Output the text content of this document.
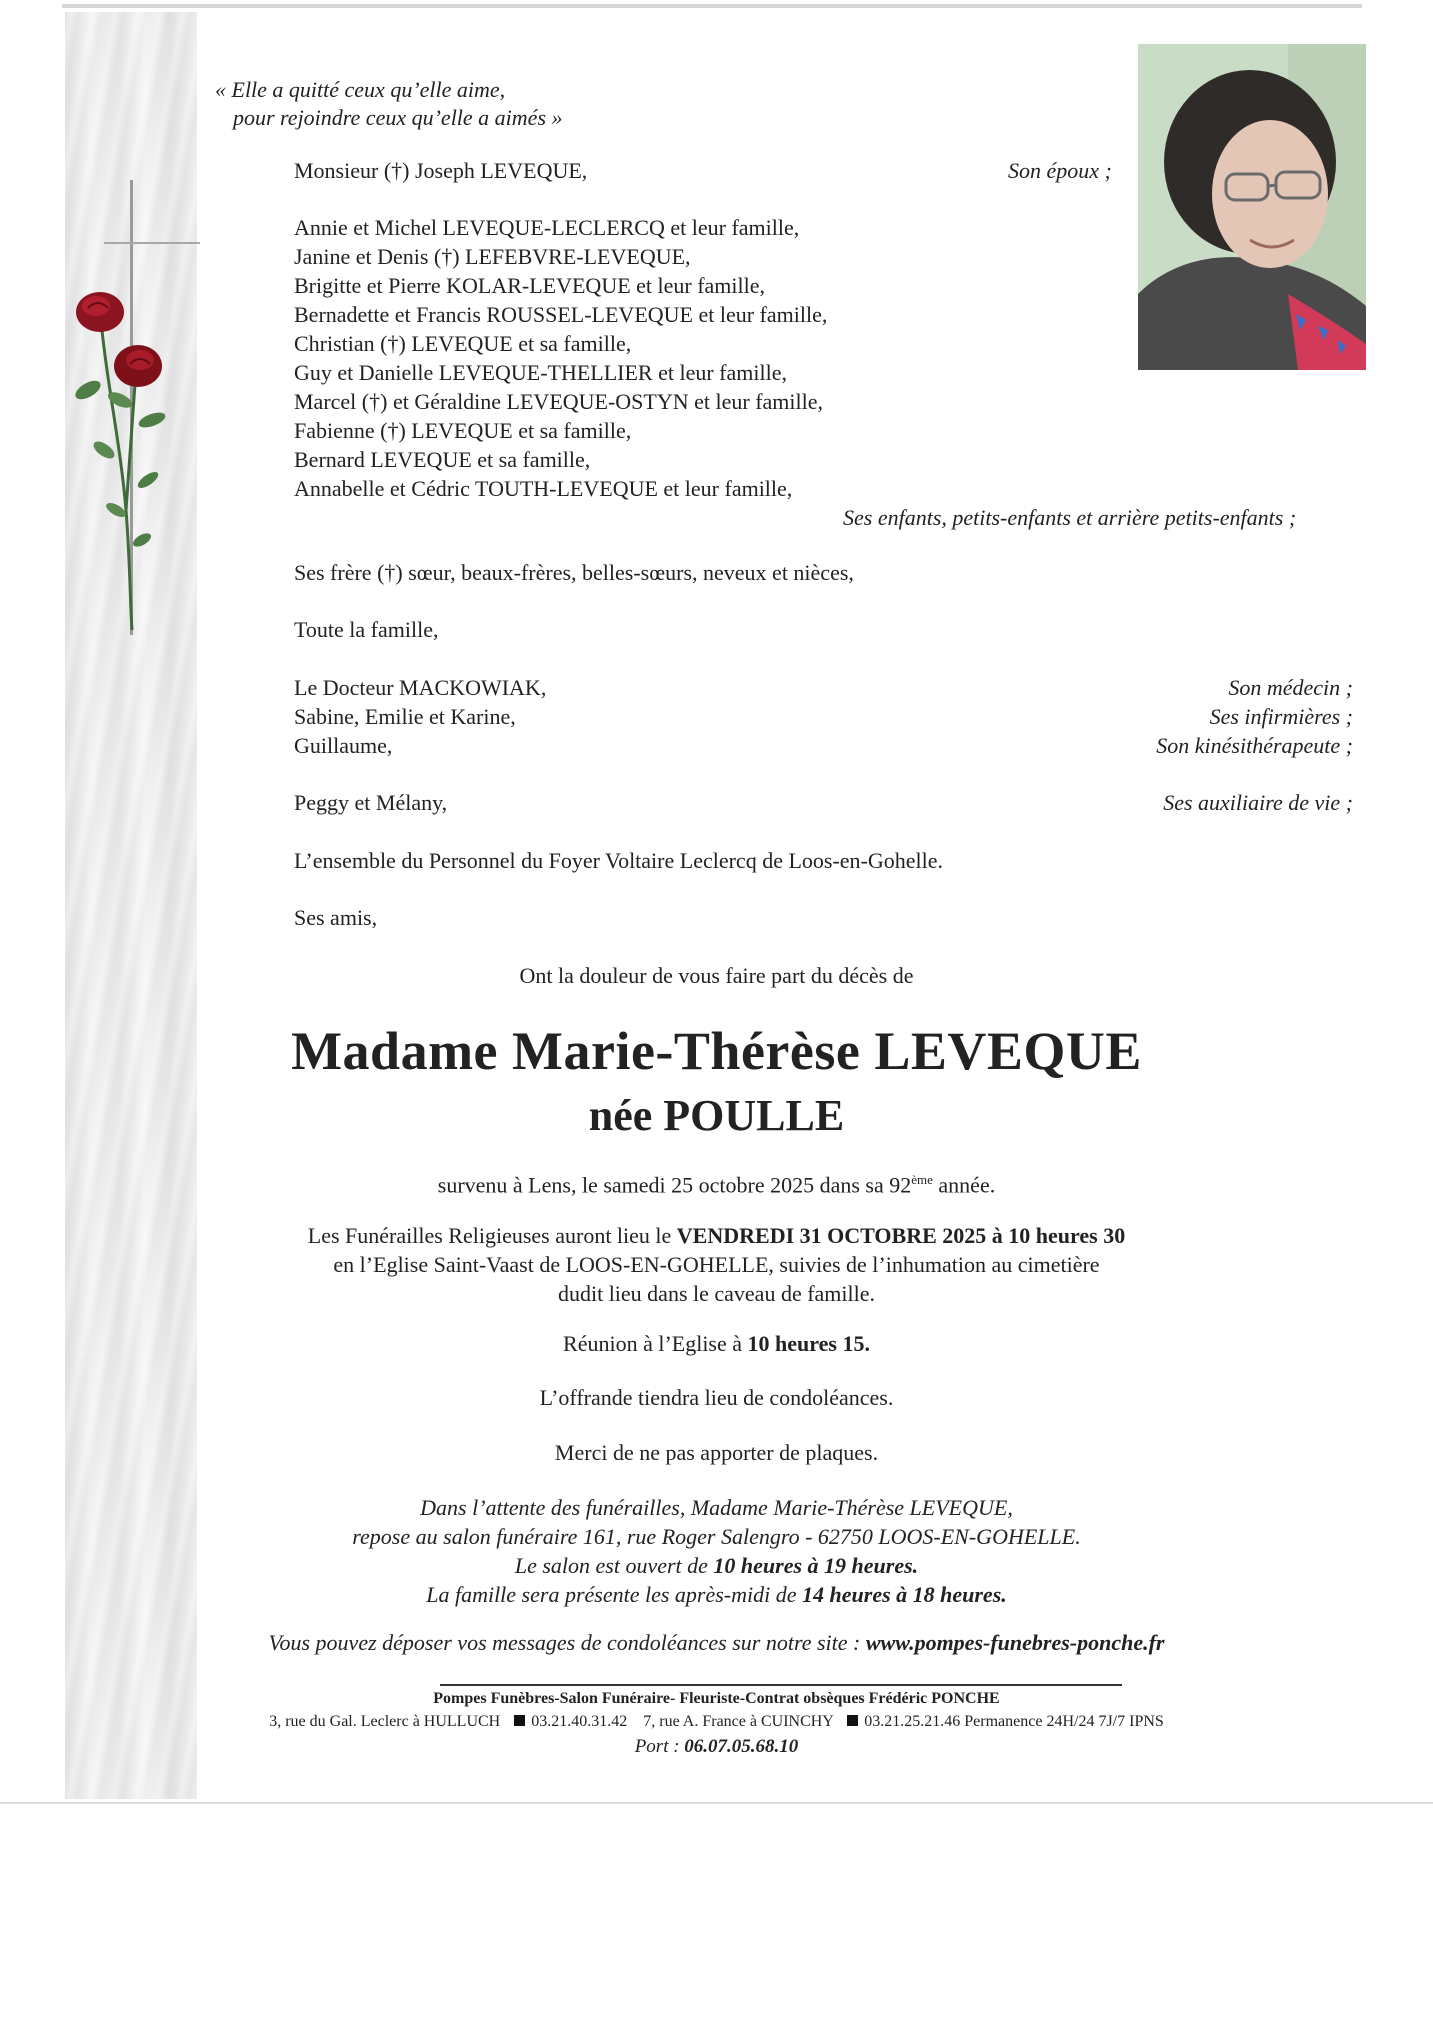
« Elle a quitté ceux qu’elle aime,
pour rejoindre ceux qu’elle a aimés »
Monsieur (†) Joseph LEVEQUE,	Son époux ;
Annie et Michel LEVEQUE-LECLERCQ et leur famille,
Janine et Denis (†) LEFEBVRE-LEVEQUE,
Brigitte et Pierre KOLAR-LEVEQUE et leur famille,
Bernadette et Francis ROUSSEL-LEVEQUE et leur famille,
Christian (†) LEVEQUE et sa famille,
Guy et Danielle LEVEQUE-THELLIER et leur famille,
Marcel (†) et Géraldine LEVEQUE-OSTYN et leur famille,
Fabienne (†) LEVEQUE et sa famille,
Bernard LEVEQUE et sa famille,
Annabelle et Cédric TOUTH-LEVEQUE et leur famille,
Ses enfants, petits-enfants et arrière petits-enfants ;
Ses frère (†) sœur, beaux-frères, belles-sœurs, neveux et nièces,
Toute la famille,
Le Docteur MACKOWIAK,	Son médecin ;
Sabine, Emilie et Karine,	Ses infirmières ;
Guillaume,	Son kinésithérapeute ;
Peggy et Mélany,	Ses auxiliaire de vie ;
L’ensemble du Personnel du Foyer Voltaire Leclercq de Loos-en-Gohelle.
Ses amis,
Ont la douleur de vous faire part du décès de
Madame Marie-Thérèse LEVEQUE
née POULLE
survenu à Lens, le samedi 25 octobre 2025 dans sa 92ème année.
Les Funérailles Religieuses auront lieu le VENDREDI 31 OCTOBRE 2025 à 10 heures 30
en l’Eglise Saint-Vaast de LOOS-EN-GOHELLE, suivies de l’inhumation au cimetière
dudit lieu dans le caveau de famille.
Réunion à l’Eglise à 10 heures 15.
L’offrande tiendra lieu de condoléances.
Merci de ne pas apporter de plaques.
Dans l’attente des funérailles, Madame Marie-Thérèse LEVEQUE,
repose au salon funéraire 161, rue Roger Salengro - 62750 LOOS-EN-GOHELLE.
Le salon est ouvert de 10 heures à 19 heures.
La famille sera présente les après-midi de 14 heures à 18 heures.
Vous pouvez déposer vos messages de condoléances sur notre site : www.pompes-funebres-ponche.fr
Pompes Funèbres-Salon Funéraire- Fleuriste-Contrat obsèques Frédéric PONCHE
3, rue du Gal. Leclerc à HULLUCH  03.21.40.31.42 7, rue A. France à CUINCHY  03.21.25.21.46 Permanence 24H/24 7J/7 IPNS
Port : 06.07.05.68.10
